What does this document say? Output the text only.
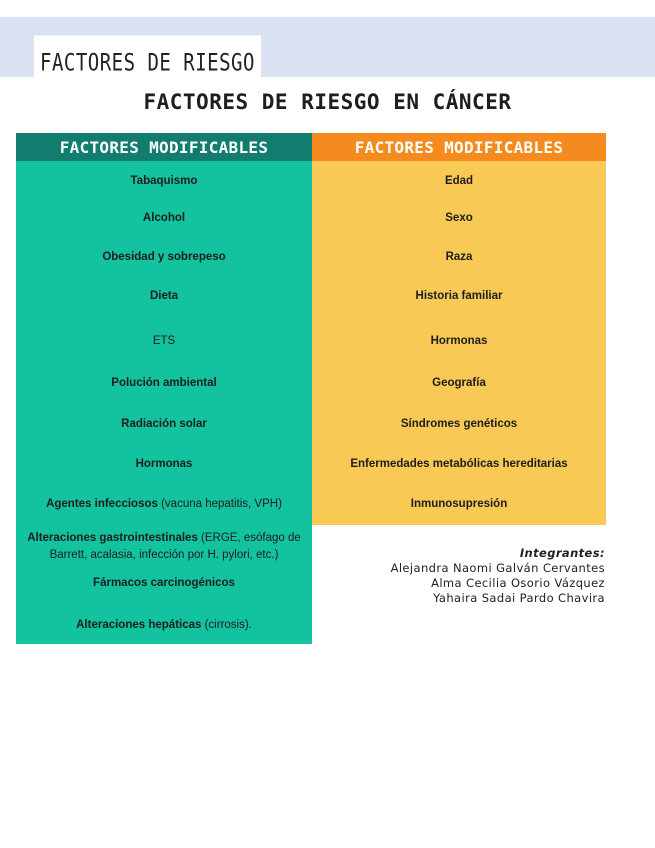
FACTORES DE RIESGO
FACTORES DE RIESGO EN CÁNCER
FACTORES MODIFICABLES
Tabaquismo
Alcohol
Obesidad y sobrepeso
Dieta
ETS
Polución ambiental
Radiación solar
Hormonas
Agentes infecciosos (vacuna hepatitis, VPH)
Alteraciones gastrointestinales (ERGE, esófago de Barrett, acalasia, infección por H. pylori, etc.)
Fármacos carcinogénicos
Alteraciones hepáticas (cirrosis).
FACTORES MODIFICABLES
Edad
Sexo
Raza
Historia familiar
Hormonas
Geografía
Síndromes genéticos
Enfermedades metabólicas hereditarias
Inmunosupresión
Integrantes:
Alejandra Naomi Galván Cervantes
Alma Cecilia Osorio Vázquez
Yahaira Sadai Pardo Chavira
